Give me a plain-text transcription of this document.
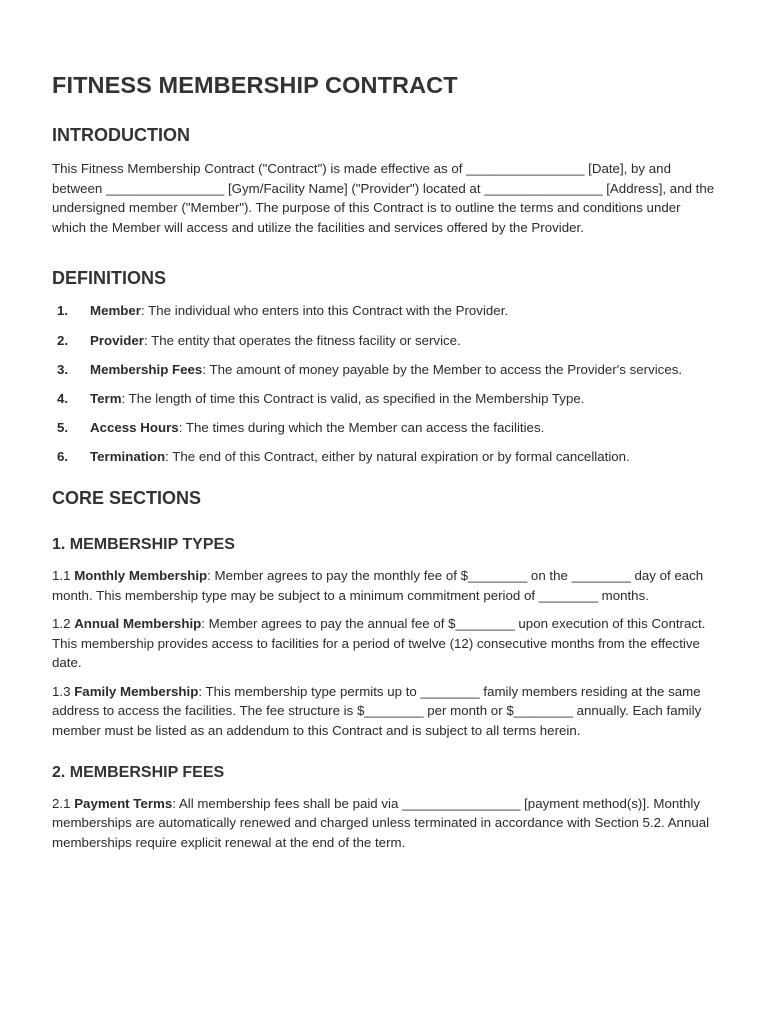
FITNESS MEMBERSHIP CONTRACT
INTRODUCTION

This Fitness Membership Contract ("Contract") is made effective as of ________________ [Date], by and between ________________ [Gym/Facility Name] ("Provider") located at ________________ [Address], and the undersigned member ("Member"). The purpose of this Contract is to outline the terms and conditions under which the Member will access and utilize the facilities and services offered by the Provider.

DEFINITIONS
1. Member: The individual who enters into this Contract with the Provider.
2. Provider: The entity that operates the fitness facility or service.
3. Membership Fees: The amount of money payable by the Member to access the Provider's services.
4. Term: The length of time this Contract is valid, as specified in the Membership Type.
5. Access Hours: The times during which the Member can access the facilities.
6. Termination: The end of this Contract, either by natural expiration or by formal cancellation.
CORE SECTIONS
1. MEMBERSHIP TYPES

1.1 Monthly Membership: Member agrees to pay the monthly fee of $________ on the ________ day of each month. This membership type may be subject to a minimum commitment period of ________ months.

1.2 Annual Membership: Member agrees to pay the annual fee of $________ upon execution of this Contract. This membership provides access to facilities for a period of twelve (12) consecutive months from the effective date.

1.3 Family Membership: This membership type permits up to ________ family members residing at the same address to access the facilities. The fee structure is $________ per month or $________ annually. Each family member must be listed as an addendum to this Contract and is subject to all terms herein.

2. MEMBERSHIP FEES

2.1 Payment Terms: All membership fees shall be paid via ________________ [payment method(s)]. Monthly memberships are automatically renewed and charged unless terminated in accordance with Section 5.2. Annual memberships require explicit renewal at the end of the term.
